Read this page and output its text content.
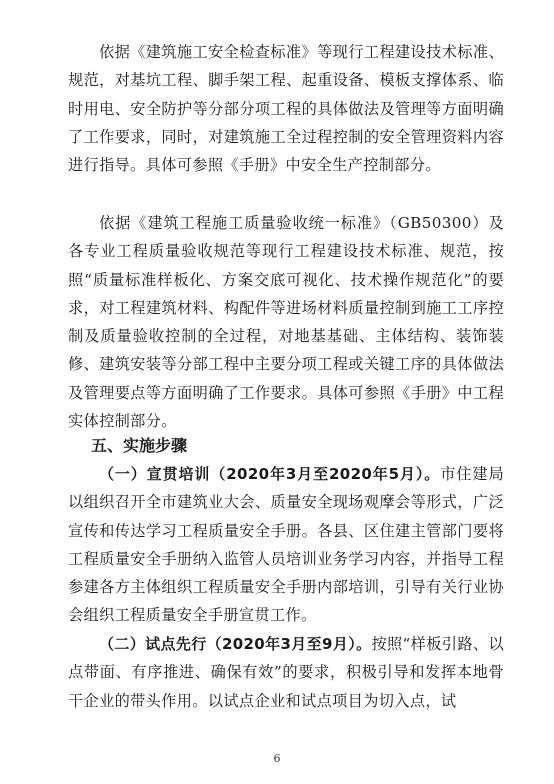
依据《建筑施工安全检查标准》等现行工程建设技术标准、规范，对基坑工程、脚手架工程、起重设备、模板支撑体系、临时用电、安全防护等分部分项工程的具体做法及管理等方面明确了工作要求，同时，对建筑施工全过程控制的安全管理资料内容进行指导。具体可参照《手册》中安全生产控制部分。

依据《建筑工程施工质量验收统一标准》（GB50300）及各专业工程质量验收规范等现行工程建设技术标准、规范，按照“质量标准样板化、方案交底可视化、技术操作规范化”的要求，对工程建筑材料、构配件等进场材料质量控制到施工工序控制及质量验收控制的全过程，对地基基础、主体结构、装饰装修、建筑安装等分部工程中主要分项工程或关键工序的具体做法及管理要点等方面明确了工作要求。具体可参照《手册》中工程实体控制部分。

五、实施步骤

（一）宣贯培训（2020年3月至2020年5月）。市住建局以组织召开全市建筑业大会、质量安全现场观摩会等形式，广泛宣传和传达学习工程质量安全手册。各县、区住建主管部门要将工程质量安全手册纳入监管人员培训业务学习内容，并指导工程参建各方主体组织工程质量安全手册内部培训，引导有关行业协会组织工程质量安全手册宣贯工作。

（二）试点先行（2020年3月至9月）。按照“样板引路、以点带面、有序推进、确保有效”的要求，积极引导和发挥本地骨干企业的带头作用。以试点企业和试点项目为切入点，试

6
